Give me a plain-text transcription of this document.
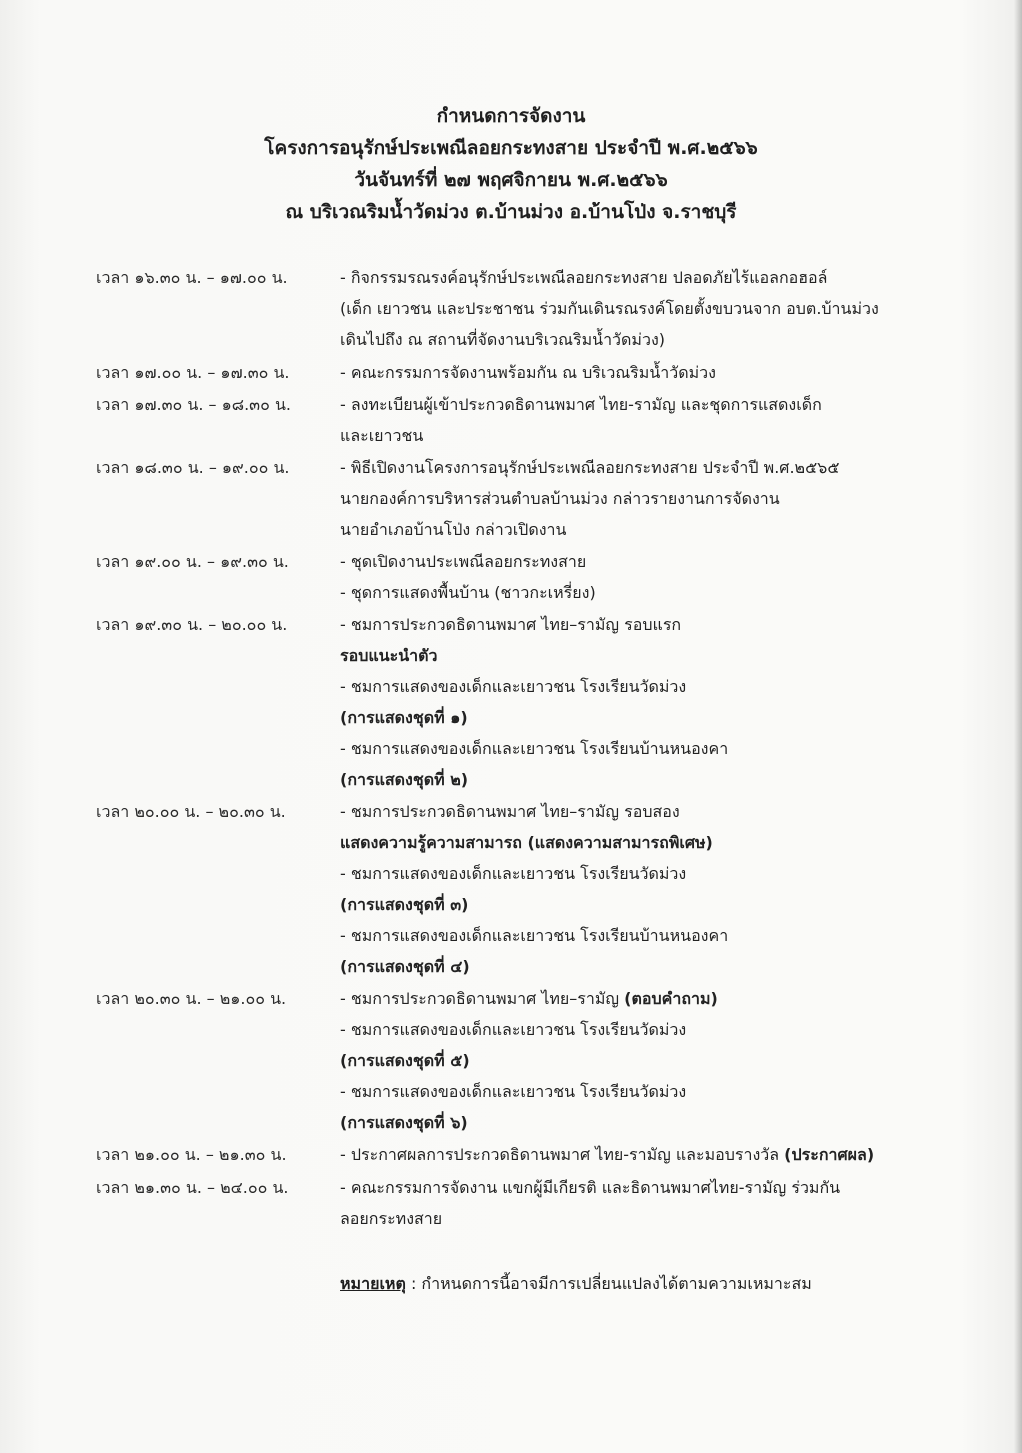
กำหนดการจัดงาน
โครงการอนุรักษ์ประเพณีลอยกระทงสาย ประจำปี พ.ศ.๒๕๖๖
วันจันทร์ที่ ๒๗ พฤศจิกายน พ.ศ.๒๕๖๖
ณ บริเวณริมน้ำวัดม่วง ต.บ้านม่วง อ.บ้านโป่ง จ.ราชบุรี
เวลา ๑๖.๓๐ น. – ๑๗.๐๐ น.	- กิจกรรมรณรงค์อนุรักษ์ประเพณีลอยกระทงสาย ปลอดภัยไร้แอลกอฮอล์
(เด็ก เยาวชน และประชาชน ร่วมกันเดินรณรงค์โดยตั้งขบวนจาก อบต.บ้านม่วง
เดินไปถึง ณ สถานที่จัดงานบริเวณริมน้ำวัดม่วง)
เวลา ๑๗.๐๐ น. – ๑๗.๓๐ น.	- คณะกรรมการจัดงานพร้อมกัน ณ บริเวณริมน้ำวัดม่วง
เวลา ๑๗.๓๐ น. – ๑๘.๓๐ น.	- ลงทะเบียนผู้เข้าประกวดธิดานพมาศ ไทย-รามัญ และชุดการแสดงเด็ก
และเยาวชน
เวลา ๑๘.๓๐ น. – ๑๙.๐๐ น.	- พิธีเปิดงานโครงการอนุรักษ์ประเพณีลอยกระทงสาย ประจำปี พ.ศ.๒๕๖๕
นายกองค์การบริหารส่วนตำบลบ้านม่วง กล่าวรายงานการจัดงาน
นายอำเภอบ้านโป่ง กล่าวเปิดงาน
เวลา ๑๙.๐๐ น. – ๑๙.๓๐ น.	- ชุดเปิดงานประเพณีลอยกระทงสาย
- ชุดการแสดงพื้นบ้าน (ชาวกะเหรี่ยง)
เวลา ๑๙.๓๐ น. – ๒๐.๐๐ น.	- ชมการประกวดธิดานพมาศ ไทย–รามัญ รอบแรก
รอบแนะนำตัว
- ชมการแสดงของเด็กและเยาวชน โรงเรียนวัดม่วง
(การแสดงชุดที่ ๑)
- ชมการแสดงของเด็กและเยาวชน โรงเรียนบ้านหนองคา
(การแสดงชุดที่ ๒)
เวลา ๒๐.๐๐ น. – ๒๐.๓๐ น.	- ชมการประกวดธิดานพมาศ ไทย–รามัญ รอบสอง
แสดงความรู้ความสามารถ (แสดงความสามารถพิเศษ)
- ชมการแสดงของเด็กและเยาวชน โรงเรียนวัดม่วง
(การแสดงชุดที่ ๓)
- ชมการแสดงของเด็กและเยาวชน โรงเรียนบ้านหนองคา
(การแสดงชุดที่ ๔)
เวลา ๒๐.๓๐ น. – ๒๑.๐๐ น.	- ชมการประกวดธิดานพมาศ ไทย–รามัญ (ตอบคำถาม)
- ชมการแสดงของเด็กและเยาวชน โรงเรียนวัดม่วง
(การแสดงชุดที่ ๕)
- ชมการแสดงของเด็กและเยาวชน โรงเรียนวัดม่วง
(การแสดงชุดที่ ๖)
เวลา ๒๑.๐๐ น. – ๒๑.๓๐ น.	- ประกาศผลการประกวดธิดานพมาศ ไทย-รามัญ และมอบรางวัล (ประกาศผล)
เวลา ๒๑.๓๐ น. – ๒๔.๐๐ น.	- คณะกรรมการจัดงาน แขกผู้มีเกียรติ และธิดานพมาศไทย-รามัญ ร่วมกัน
ลอยกระทงสาย
หมายเหตุ : กำหนดการนี้อาจมีการเปลี่ยนแปลงได้ตามความเหมาะสม
